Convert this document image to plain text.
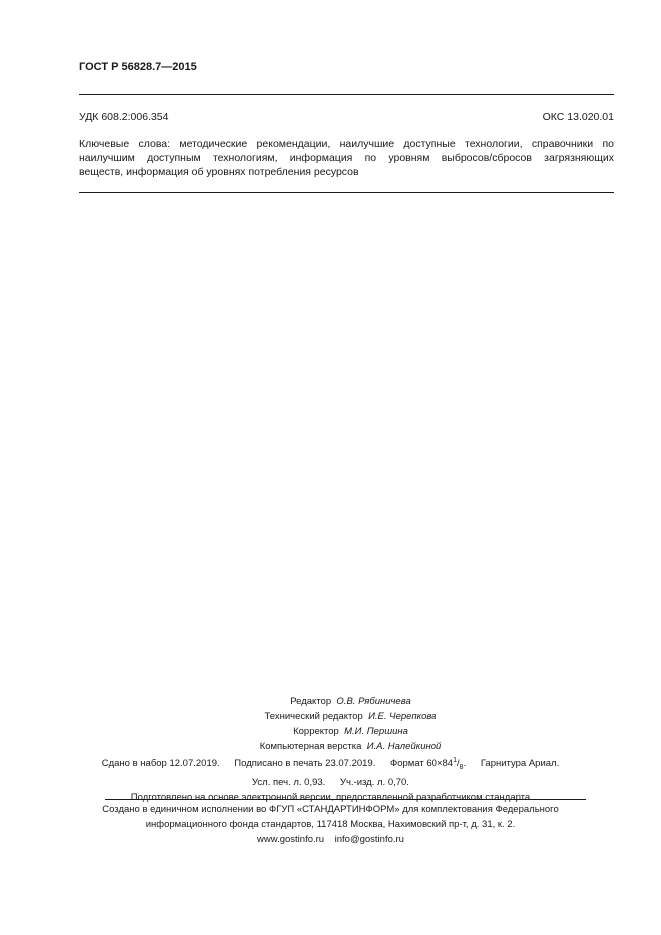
ГОСТ Р 56828.7—2015
УДК 608.2:006.354	ОКС 13.020.01
Ключевые слова: методические рекомендации, наилучшие доступные технологии, справочники по
наилучшим доступным технологиям, информация по уровням выбросов/сбросов загрязняющих
веществ, информация об уровнях потребления ресурсов
Редактор О.В. Рябиничева
Технический редактор И.Е. Черепкова
Корректор М.И. Першина
Компьютерная верстка И.А. Налейкиной
Сдано в набор 12.07.2019. Подписано в печать 23.07.2019. Формат $60\times 84^1/_8$. Гарнитура Ариал.
Усл. печ. л. 0,93. Уч.-изд. л. 0,70.
Подготовлено на основе электронной версии, предоставленной разработчиком стандарта
Создано в единичном исполнении во ФГУП «СТАНДАРТИНФОРМ» для комплектования Федерального
информационного фонда стандартов, 117418 Москва, Нахимовский пр-т, д. 31, к. 2.
www.gostinfo.ru info@gostinfo.ru
